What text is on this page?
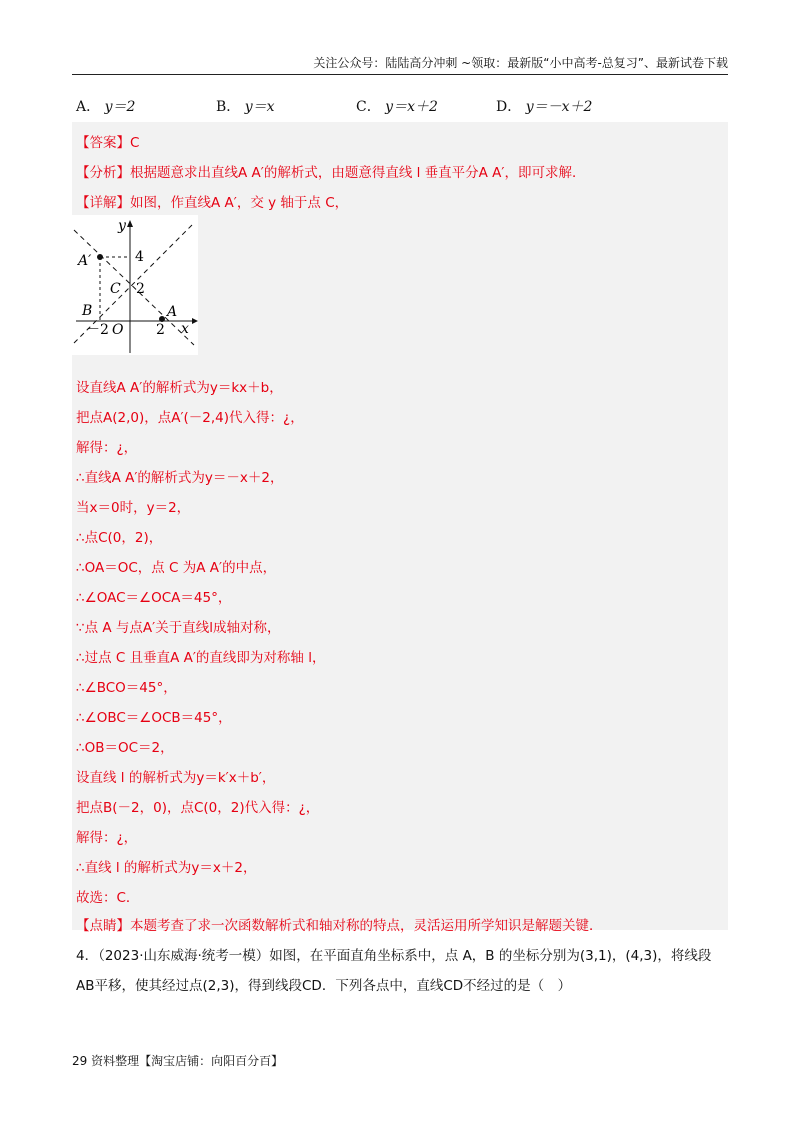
关注公众号：陆陆高分冲刺 ~领取：最新版“小中高考-总复习”、最新试卷下载
A． y＝2	B． y＝x	C． y＝x＋2	D． y＝－x＋2
【答案】C
【分析】根据题意求出直线A A′的解析式，由题意得直线 l 垂直平分A A′，即可求解．
【详解】如图，作直线A A′，交 y 轴于点 C，
y
x
A′	4
C 2
B	A
－2 O 2
设直线A A′的解析式为y＝kx＋b，
把点A(2,0)，点A′(－2,4)代入得：¿，
解得：¿，
∴直线A A′的解析式为y＝－x＋2，
当x＝0时，y＝2，
∴点C(0，2)，
∴OA＝OC，点 C 为A A′的中点，
∴∠OAC＝∠OCA＝45°，
∵点 A 与点A′关于直线l成轴对称，
∴过点 C 且垂直A A′的直线即为对称轴 l，
∴∠BCO＝45°，
∴∠OBC＝∠OCB＝45°，
∴OB＝OC＝2，
设直线 l 的解析式为y＝k′x＋b′，
把点B(－2，0)，点C(0，2)代入得：¿，
解得：¿，
∴直线 l 的解析式为y＝x＋2，
故选：C．
【点睛】本题考查了求一次函数解析式和轴对称的特点，灵活运用所学知识是解题关键．
4．（2023·山东威海·统考一模）如图，在平面直角坐标系中，点 A，B 的坐标分别为(3,1)，(4,3)，将线段
AB平移，使其经过点(2,3)，得到线段CD．下列各点中，直线CD不经过的是（　）
29 资料整理【淘宝店铺：向阳百分百】
